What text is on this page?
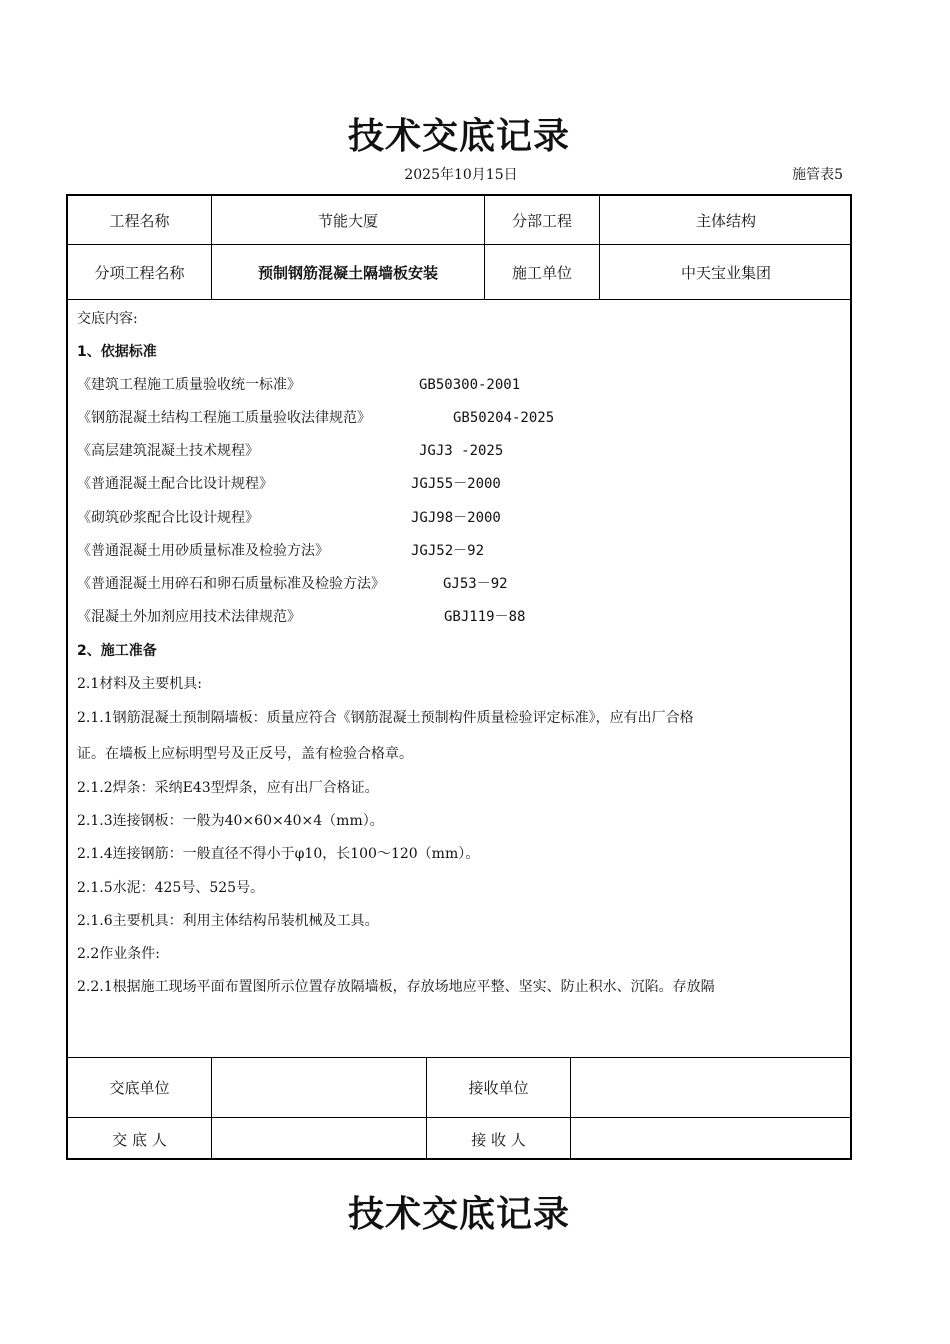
技术交底记录
2025年10月15日	施管表5
工程名称	节能大厦	分部工程	主体结构
分项工程名称	预制钢筋混凝土隔墙板安装	施工单位	中天宝业集团
交底内容:
1、依据标准
《建筑工程施工质量验收统一标准》	GB50300-2001
《钢筋混凝土结构工程施工质量验收法律规范》	GB50204-2025
《高层建筑混凝土技术规程》	JGJ3 -2025
《普通混凝土配合比设计规程》	JGJ55－2000
《砌筑砂浆配合比设计规程》	JGJ98－2000
《普通混凝土用砂质量标准及检验方法》	JGJ52－92
《普通混凝土用碎石和卵石质量标准及检验方法》	GJ53－92
《混凝土外加剂应用技术法律规范》	GBJ119－88
2、施工准备
2.1材料及主要机具:
2.1.1钢筋混凝土预制隔墙板：质量应符合《钢筋混凝土预制构件质量检验评定标准》，应有出厂合格
证。在墙板上应标明型号及正反号，盖有检验合格章。
2.1.2焊条：采纳E43型焊条，应有出厂合格证。
2.1.3连接钢板：一般为40×60×40×4（mm）。
2.1.4连接钢筋：一般直径不得小于φ10，长100～120（mm）。
2.1.5水泥：425号、525号。
2.1.6主要机具：利用主体结构吊装机械及工具。
2.2作业条件:
2.2.1根据施工现场平面布置图所示位置存放隔墙板，存放场地应平整、坚实、防止积水、沉陷。存放隔
交底单位	接收单位
交 底 人	接 收 人
技术交底记录
